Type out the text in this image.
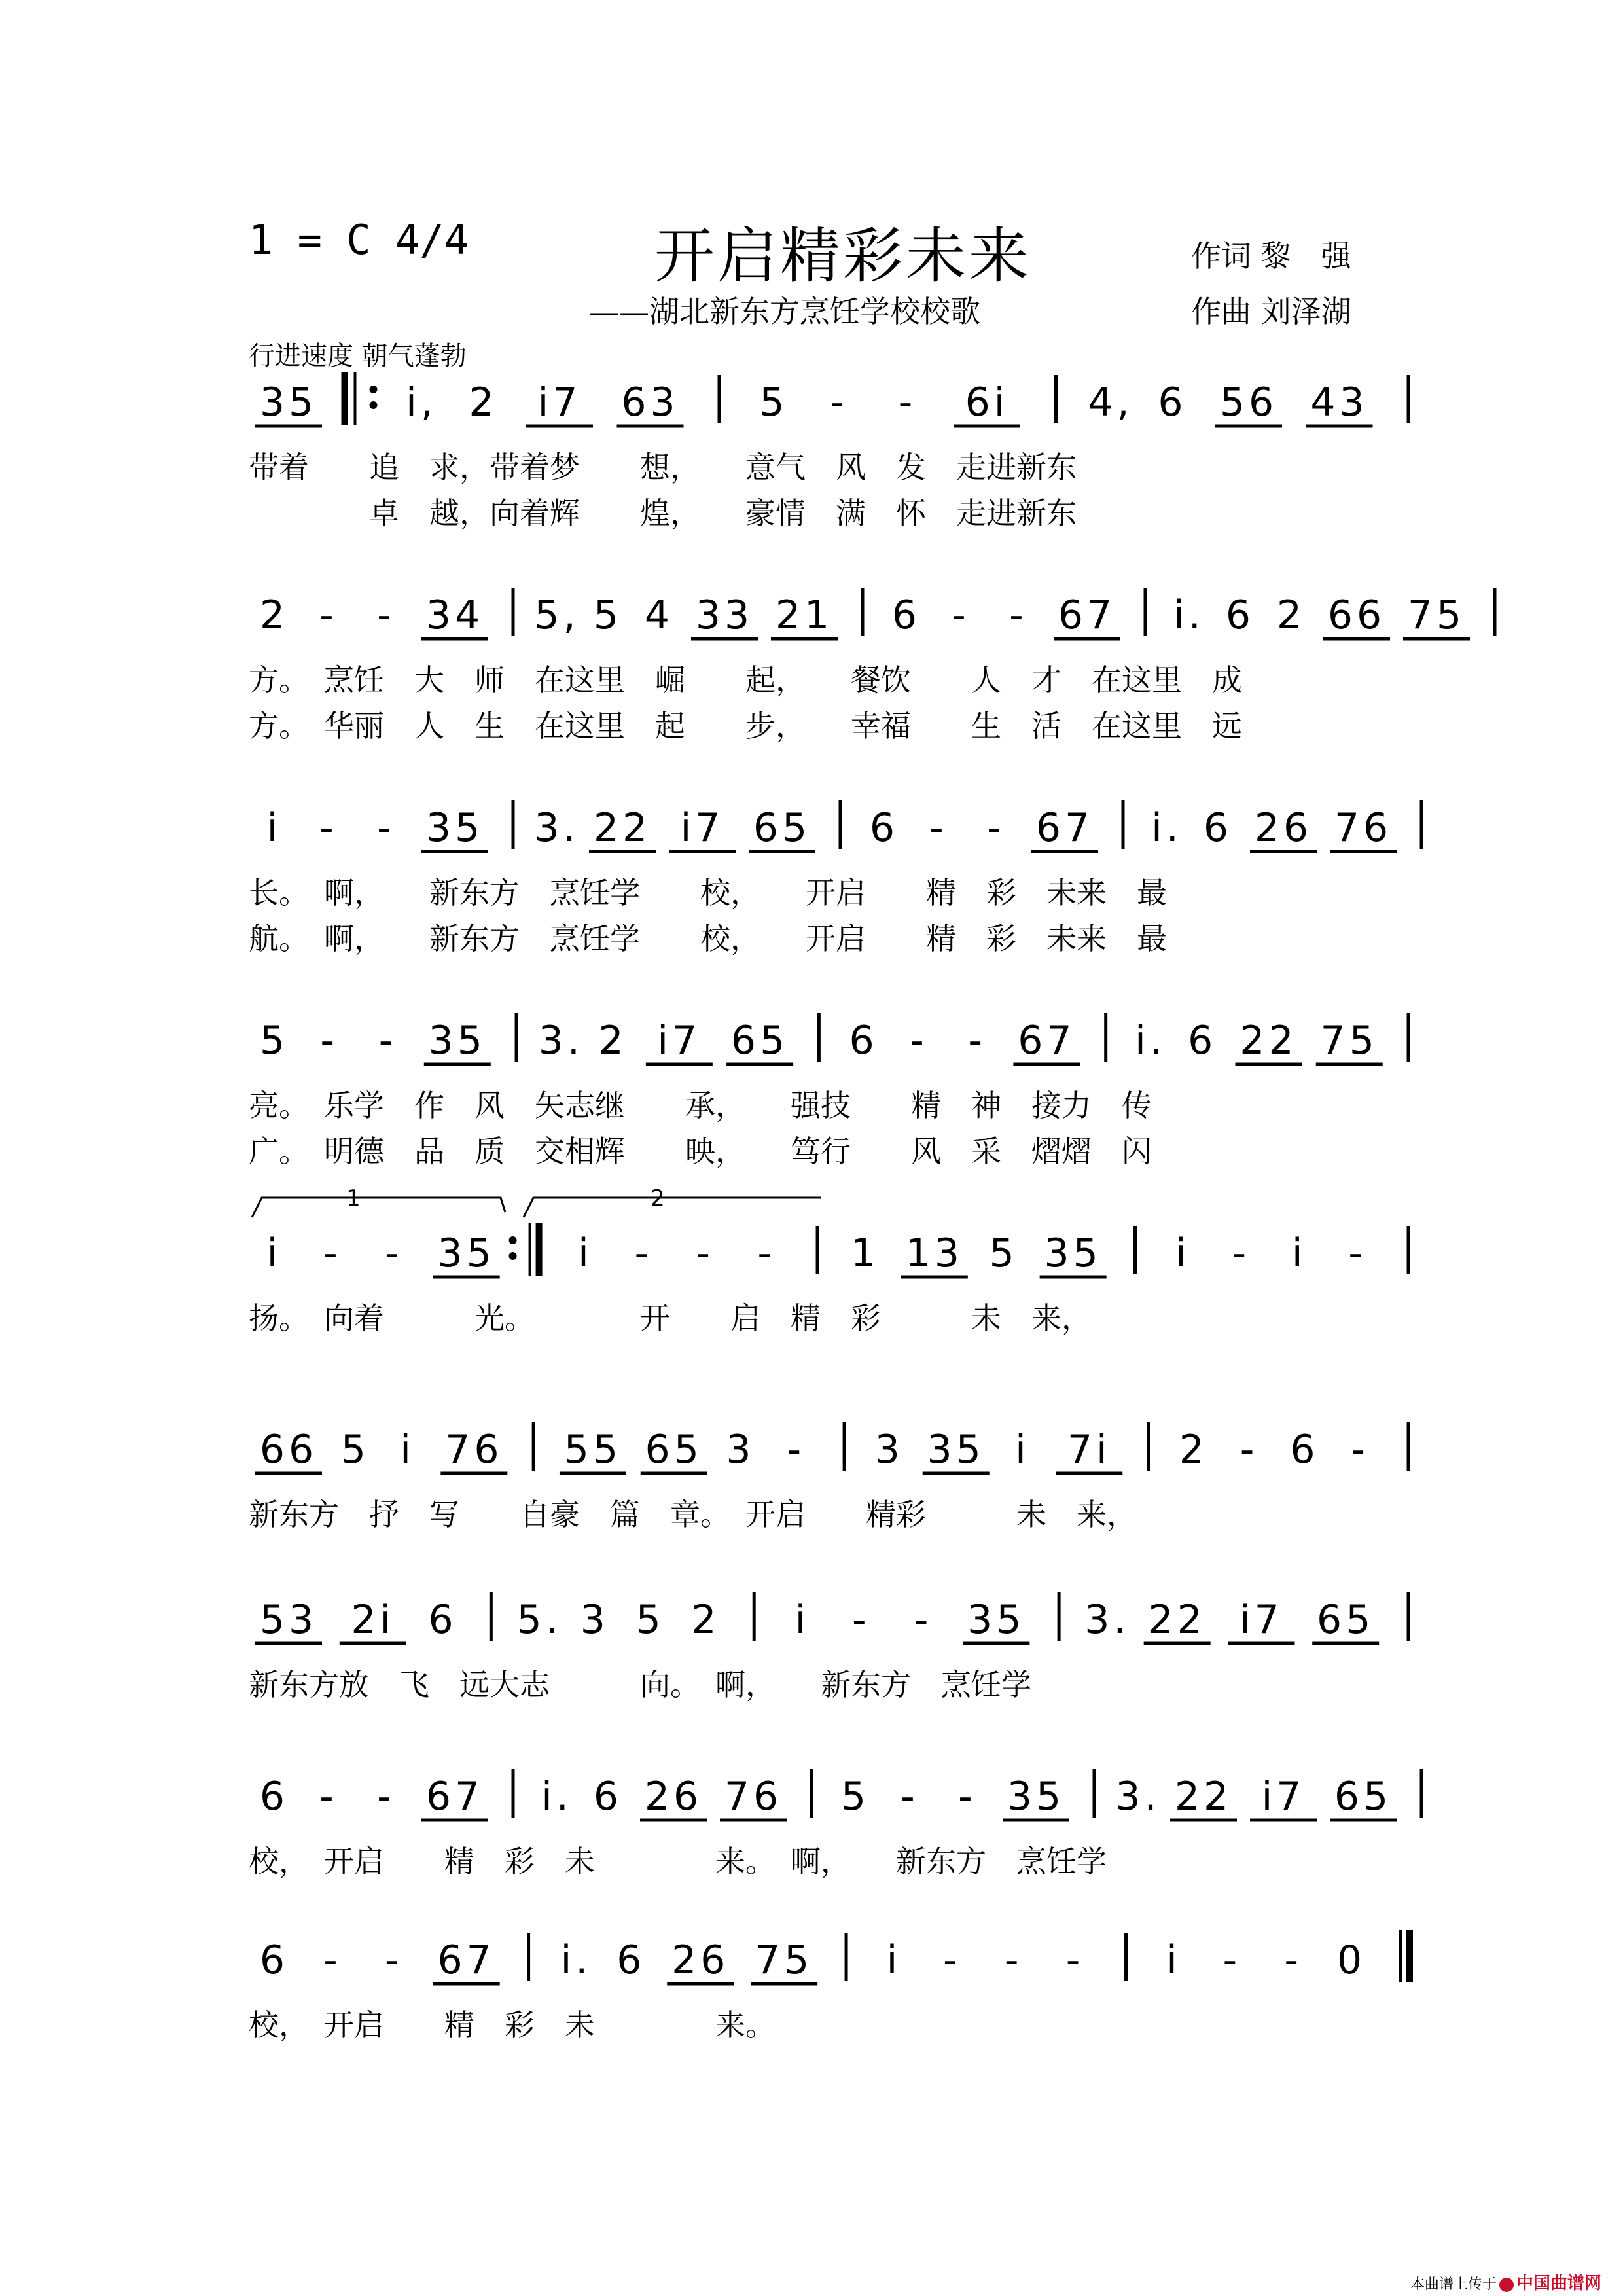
1 = C 4/4	开启精彩未来
——湖北新东方烹饪学校校歌
作词 黎　强
作曲 刘泽湖
行进速度 朝气蓬勃
35 i, 2 i7 63 5 - - 6i 4, 6 56 43
带着　　追　求，带着梦　　想，　　意气　风　发　走进新东
　　　　卓　越，向着辉　　煌，　　豪情　满　怀　走进新东
2 - - 34 5, 5 4 33 21 6 - - 67 i. 6 2 66 75
方。　烹饪　大　师　在这里　崛　　起，　　餐饮　　人　才　在这里　成
方。　华丽　人　生　在这里　起　　步，　　幸福　　生　活　在这里　远
i - - 35 3. 22 i7 65 6 - - 67 i. 6 26 76
长。　啊，　　新东方　烹饪学　　校，　　开启　　精　彩　未来　最
航。　啊，　　新东方　烹饪学　　校，　　开启　　精　彩　未来　最
5 - - 35 3. 2 i7 65 6 - - 67 i. 6 22 75
亮。　乐学　作　风　矢志继　　承，　　强技　　精　神　接力　传
广。　明德　品　质　交相辉　　映，　　笃行　　风　采　熠熠　闪
i - - 35 i - - - 1 13 5 35 i - i -
扬。　向着　　　光。　　　　开　　启　精　彩　　　未　来，
66 5 i 76 55 65 3 - 3 35 i 7i 2 - 6 -
新东方　抒　写　　自豪　篇　章。　开启　　精彩　　　未　来，
53 2i 6 5. 3 5 2 i - - 35 3. 22 i7 65
新东方放　飞　远大志　　　向。　啊，　　新东方　烹饪学
6 - - 67 i. 6 26 76 5 - - 35 3. 22 i7 65
校，　开启　　精　彩　未　　　　来。　啊，　　新东方　烹饪学
6 - - 67 i. 6 26 75 i - - - i - - 0
校，　开启　　精　彩　未　　　　来。
1	2
本曲谱上传于 中国曲谱网
